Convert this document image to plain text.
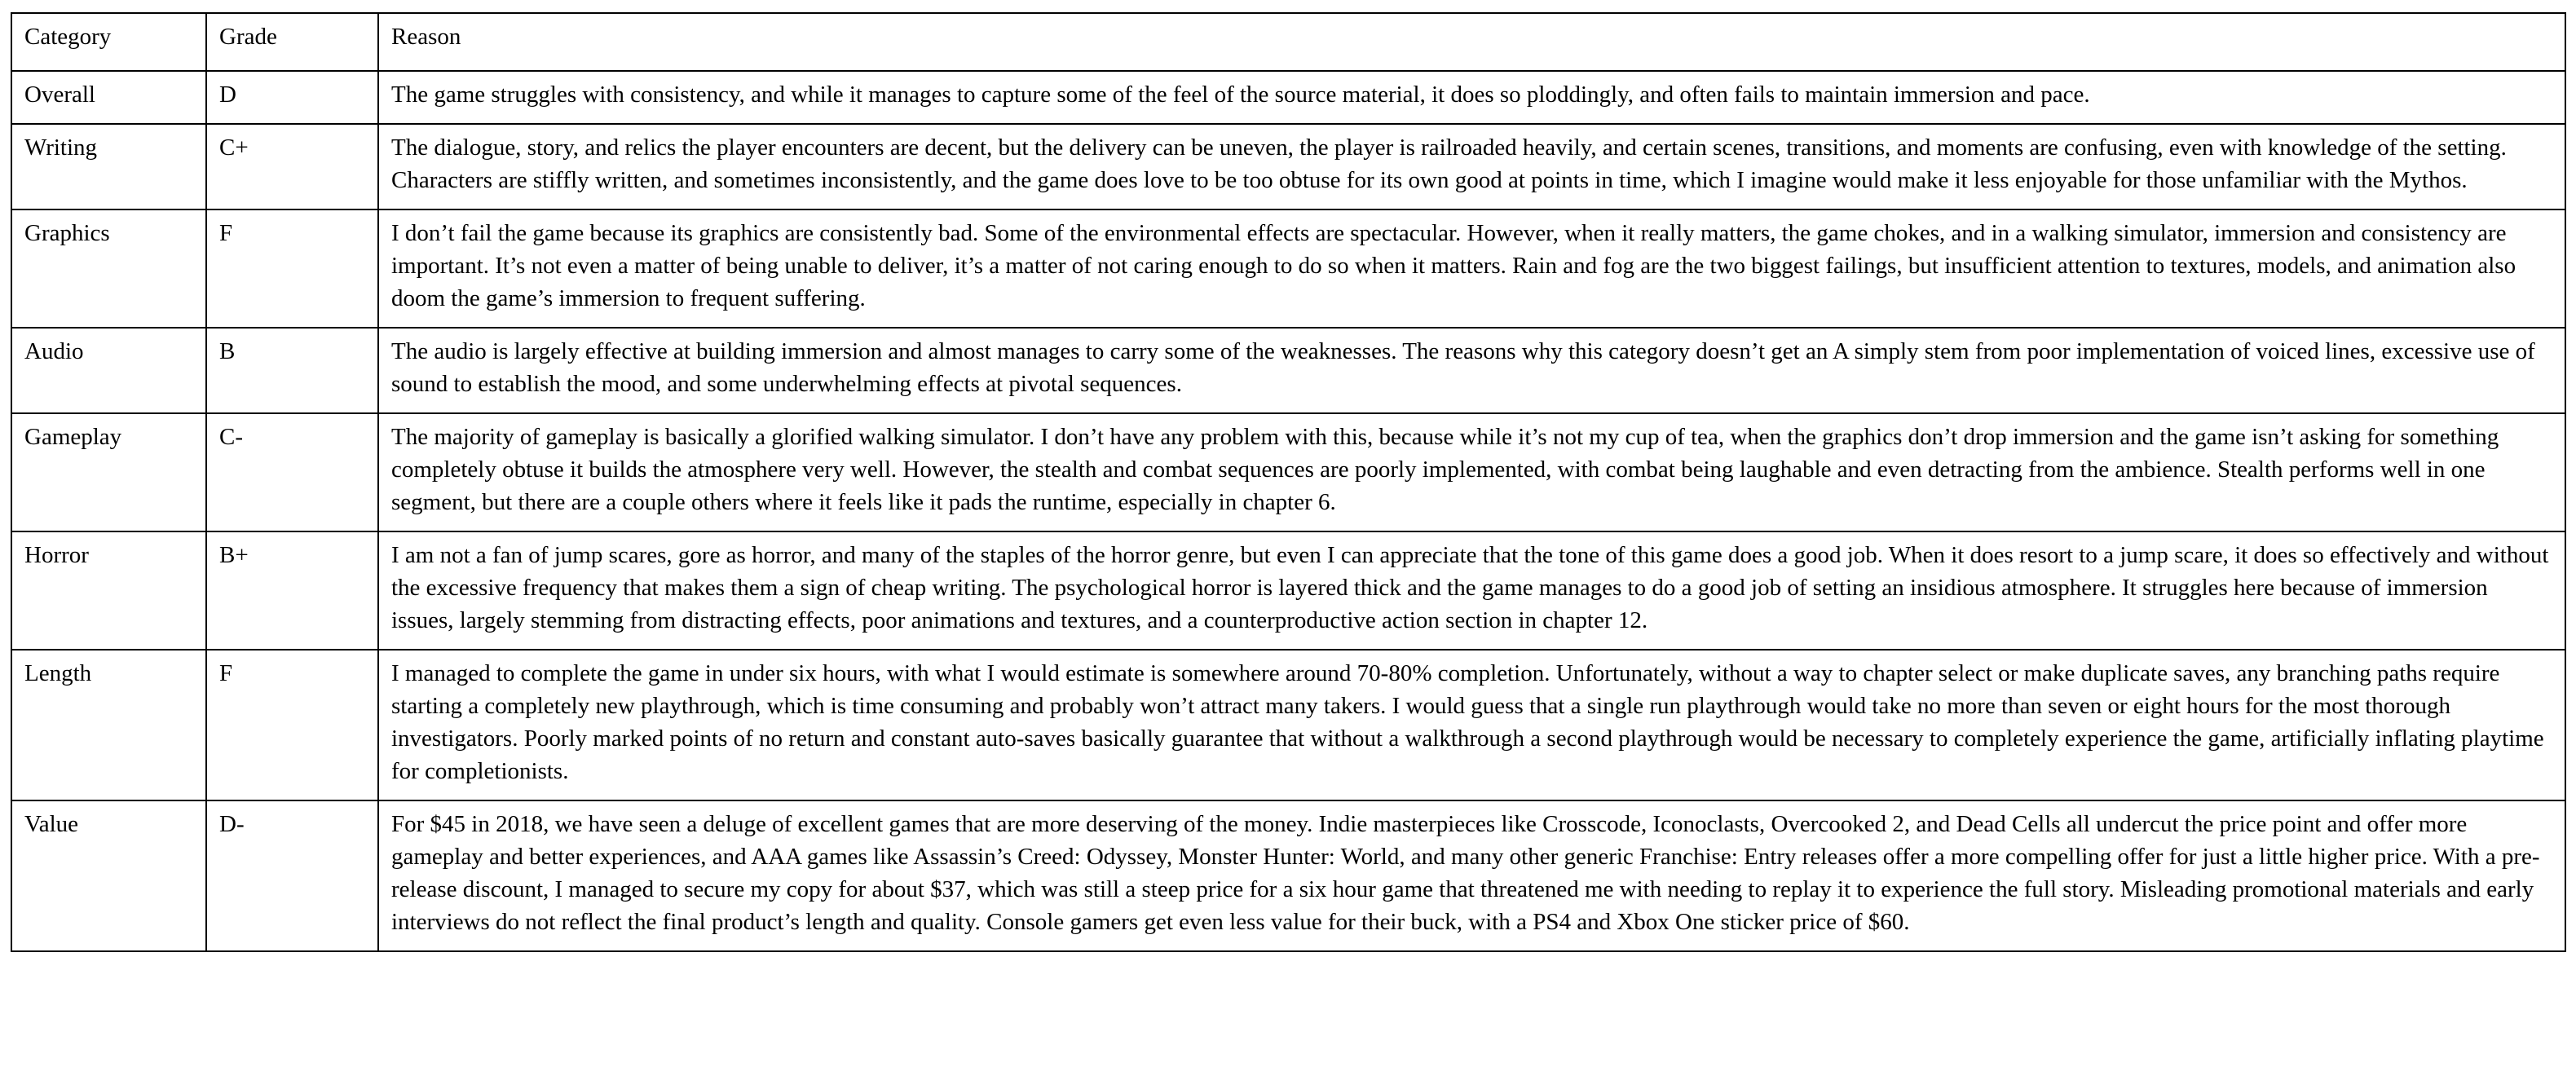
Category	Grade	Reason
Overall	D	The game struggles with consistency, and while it manages to capture some of the feel of the source material, it does so ploddingly, and often fails to maintain immersion and pace.
Writing	C+	The dialogue, story, and relics the player encounters are decent, but the delivery can be uneven, the player is railroaded heavily, and certain scenes, transitions, and moments are confusing, even with knowledge of the setting. Characters are stiffly written, and sometimes inconsistently, and the game does love to be too obtuse for its own good at points in time, which I imagine would make it less enjoyable for those unfamiliar with the Mythos.
Graphics	F	I don’t fail the game because its graphics are consistently bad. Some of the environmental effects are spectacular. However, when it really matters, the game chokes, and in a walking simulator, immersion and consistency are important. It’s not even a matter of being unable to deliver, it’s a matter of not caring enough to do so when it matters. Rain and fog are the two biggest failings, but insufficient attention to textures, models, and animation also doom the game’s immersion to frequent suffering.
Audio	B	The audio is largely effective at building immersion and almost manages to carry some of the weaknesses. The reasons why this category doesn’t get an A simply stem from poor implementation of voiced lines, excessive use of sound to establish the mood, and some underwhelming effects at pivotal sequences.
Gameplay	C-	The majority of gameplay is basically a glorified walking simulator. I don’t have any problem with this, because while it’s not my cup of tea, when the graphics don’t drop immersion and the game isn’t asking for something completely obtuse it builds the atmosphere very well. However, the stealth and combat sequences are poorly implemented, with combat being laughable and even detracting from the ambience. Stealth performs well in one segment, but there are a couple others where it feels like it pads the runtime, especially in chapter 6.
Horror	B+	I am not a fan of jump scares, gore as horror, and many of the staples of the horror genre, but even I can appreciate that the tone of this game does a good job. When it does resort to a jump scare, it does so effectively and without the excessive frequency that makes them a sign of cheap writing. The psychological horror is layered thick and the game manages to do a good job of setting an insidious atmosphere. It struggles here because of immersion issues, largely stemming from distracting effects, poor animations and textures, and a counterproductive action section in chapter 12.
Length	F	I managed to complete the game in under six hours, with what I would estimate is somewhere around 70-80% completion. Unfortunately, without a way to chapter select or make duplicate saves, any branching paths require starting a completely new playthrough, which is time consuming and probably won’t attract many takers. I would guess that a single run playthrough would take no more than seven or eight hours for the most thorough investigators. Poorly marked points of no return and constant auto-saves basically guarantee that without a walkthrough a second playthrough would be necessary to completely experience the game, artificially inflating playtime for completionists.
Value	D-	For $45 in 2018, we have seen a deluge of excellent games that are more deserving of the money. Indie masterpieces like Crosscode, Iconoclasts, Overcooked 2, and Dead Cells all undercut the price point and offer more gameplay and better experiences, and AAA games like Assassin’s Creed: Odyssey, Monster Hunter: World, and many other generic Franchise: Entry releases offer a more compelling offer for just a little higher price. With a pre-release discount, I managed to secure my copy for about $37, which was still a steep price for a six hour game that threatened me with needing to replay it to experience the full story. Misleading promotional materials and early interviews do not reflect the final product’s length and quality. Console gamers get even less value for their buck, with a PS4 and Xbox One sticker price of $60.
